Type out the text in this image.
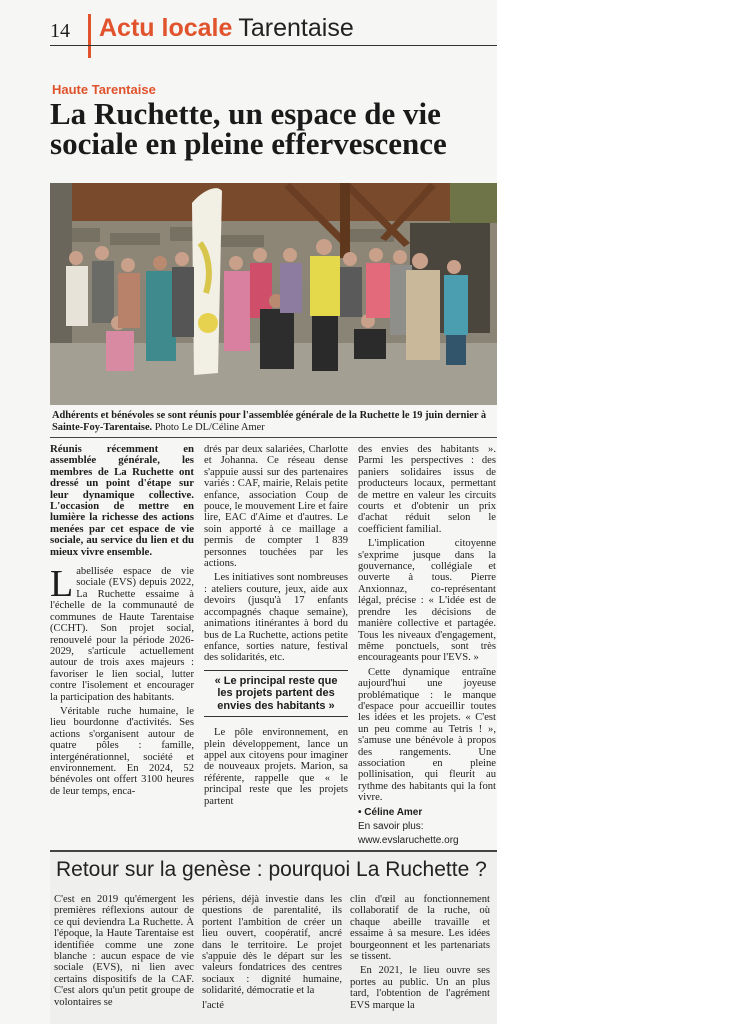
14 Actu locale Tarentaise
Haute Tarentaise
La Ruchette, un espace de vie sociale en pleine effervescence
Adhérents et bénévoles se sont réunis pour l'assemblée générale de la Ruchette le 19 juin dernier à Sainte-Foy-Tarentaise. Photo Le DL/Céline Amer

Réunis récemment en assemblée générale, les membres de La Ruchette ont dressé un point d'étape sur leur dynamique collective. L'occasion de mettre en lumière la richesse des actions menées par cet espace de vie sociale, au service du lien et du mieux vivre ensemble.

Labellisée espace de vie sociale (EVS) depuis 2022, La Ruchette essaime à l'échelle de la communauté de communes de Haute Tarentaise (CCHT). Son projet social, renouvelé pour la période 2026-2029, s'articule actuellement autour de trois axes majeurs : favoriser le lien social, lutter contre l'isolement et encourager la participation des habitants.

Véritable ruche humaine, le lieu bourdonne d'activités. Ses actions s'organisent autour de quatre pôles : famille, intergénérationnel, société et environnement. En 2024, 52 bénévoles ont offert 3100 heures de leur temps, enca-

drés par deux salariées, Charlotte et Johanna. Ce réseau dense s'appuie aussi sur des partenaires variés : CAF, mairie, Relais petite enfance, association Coup de pouce, le mouvement Lire et faire lire, EAC d'Aime et d'autres. Le soin apporté à ce maillage a permis de compter 1 839 personnes touchées par les actions.

Les initiatives sont nombreuses : ateliers couture, jeux, aide aux devoirs (jusqu'à 17 enfants accompagnés chaque semaine), animations itinérantes à bord du bus de La Ruchette, actions petite enfance, sorties nature, festival des solidarités, etc.

« Le principal reste que les projets partent des envies des habitants »

Le pôle environnement, en plein développement, lance un appel aux citoyens pour imaginer de nouveaux projets. Marion, sa référente, rappelle que « le principal reste que les projets partent

des envies des habitants ». Parmi les perspectives : des paniers solidaires issus de producteurs locaux, permettant de mettre en valeur les circuits courts et d'obtenir un prix d'achat réduit selon le coefficient familial.

L'implication citoyenne s'exprime jusque dans la gouvernance, collégiale et ouverte à tous. Pierre Anxionnaz, co-représentant légal, précise : « L'idée est de prendre les décisions de manière collective et partagée. Tous les niveaux d'engagement, même ponctuels, sont très encourageants pour l'EVS. »

Cette dynamique entraîne aujourd'hui une joyeuse problématique : le manque d'espace pour accueillir toutes les idées et les projets. « C'est un peu comme au Tetris ! », s'amuse une bénévole à propos des rangements. Une association en pleine pollinisation, qui fleurit au rythme des habitants qui la font vivre.

• Céline Amer

En savoir plus:

www.evslaruchette.org

Retour sur la genèse : pourquoi La Ruchette ?

C'est en 2019 qu'émergent les premières réflexions autour de ce qui deviendra La Ruchette. À l'époque, la Haute Tarentaise est identifiée comme une zone blanche : aucun espace de vie sociale (EVS), ni lien avec certains dispositifs de la CAF. C'est alors qu'un petit groupe de volontaires se

périens, déjà investie dans les questions de parentalité, ils portent l'ambition de créer un lieu ouvert, coopératif, ancré dans le territoire. Le projet s'appuie dès le départ sur les valeurs fondatrices des centres sociaux : dignité humaine, solidarité, démocratie et la

l'acté

clin d'œil au fonctionnement collaboratif de la ruche, où chaque abeille travaille et essaime à sa mesure. Les idées bourgeonnent et les partenariats se tissent.

En 2021, le lieu ouvre ses portes au public. Un an plus tard, l'obtention de l'agrément EVS marque la
